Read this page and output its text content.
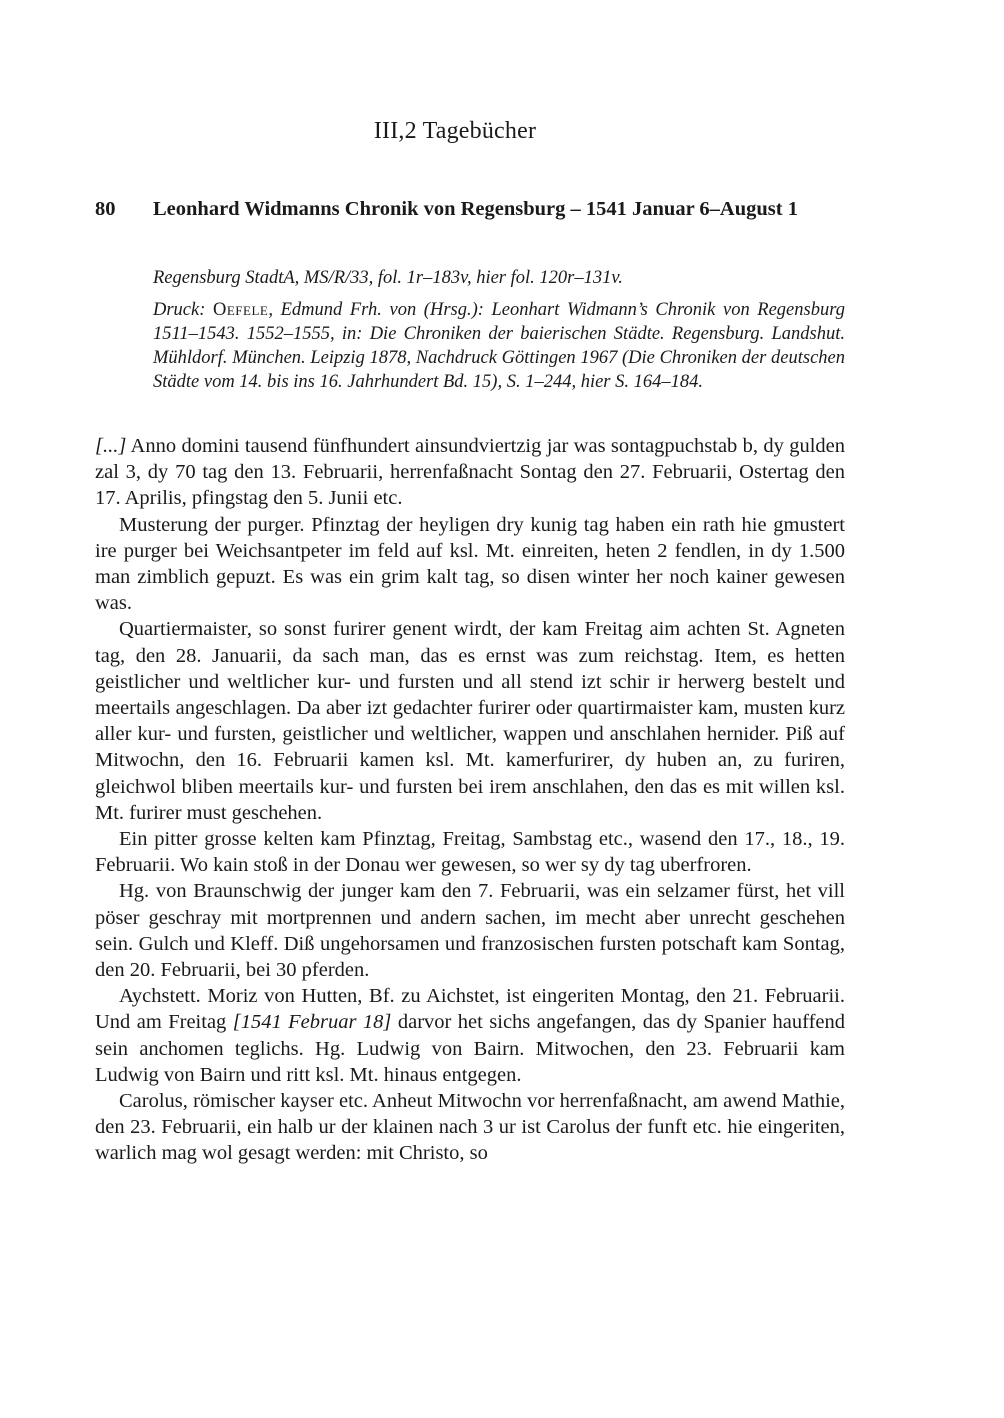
III,2 Tagebücher
80 Leonhard Widmanns Chronik von Regensburg – 1541 Januar 6–August 1
Regensburg StadtA, MS/R/33, fol. 1r–183v, hier fol. 120r–131v.
Druck: Oefele, Edmund Frh. von (Hrsg.): Leonhart Widmann’s Chronik von Regensburg 1511–1543. 1552–1555, in: Die Chroniken der baierischen Städte. Regensburg. Landshut. Mühldorf. München. Leipzig 1878, Nachdruck Göttingen 1967 (Die Chroniken der deutschen Städte vom 14. bis ins 16. Jahrhundert Bd. 15), S. 1–244, hier S. 164–184.

[...] Anno domini tausend fünfhundert ainsundviertzig jar was sontagpuchstab b, dy gulden zal 3, dy 70 tag den 13. Februarii, herrenfaßnacht Sontag den 27. Februarii, Ostertag den 17. Aprilis, pfingstag den 5. Junii etc.

Musterung der purger. Pfinztag der heyligen dry kunig tag haben ein rath hie gmustert ire purger bei Weichsantpeter im feld auf ksl. Mt. einreiten, heten 2 fendlen, in dy 1.500 man zimblich gepuzt. Es was ein grim kalt tag, so disen winter her noch kainer gewesen was.

Quartiermaister, so sonst furirer genent wirdt, der kam Freitag aim achten St. Agneten tag, den 28. Januarii, da sach man, das es ernst was zum reichstag. Item, es hetten geistlicher und weltlicher kur- und fursten und all stend izt schir ir herwerg bestelt und meertails angeschlagen. Da aber izt gedachter furirer oder quartirmaister kam, musten kurz aller kur- und fursten, geistlicher und weltlicher, wappen und anschlahen hernider. Piß auf Mitwochn, den 16. Februarii kamen ksl. Mt. kamerfurirer, dy huben an, zu furiren, gleichwol bliben meertails kur- und fursten bei irem anschlahen, den das es mit willen ksl. Mt. furirer must geschehen.

Ein pitter grosse kelten kam Pfinztag, Freitag, Sambstag etc., wasend den 17., 18., 19. Februarii. Wo kain stoß in der Donau wer gewesen, so wer sy dy tag uberfroren.

Hg. von Braunschwig der junger kam den 7. Februarii, was ein selzamer fürst, het vill pöser geschray mit mortprennen und andern sachen, im mecht aber unrecht geschehen sein. Gulch und Kleff. Diß ungehorsamen und franzosischen fursten potschaft kam Sontag, den 20. Februarii, bei 30 pferden.

Aychstett. Moriz von Hutten, Bf. zu Aichstet, ist eingeriten Montag, den 21. Februarii. Und am Freitag [1541 Februar 18] darvor het sichs angefangen, das dy Spanier hauffend sein anchomen teglichs. Hg. Ludwig von Bairn. Mitwochen, den 23. Februarii kam Ludwig von Bairn und ritt ksl. Mt. hinaus entgegen.

Carolus, römischer kayser etc. Anheut Mitwochn vor herrenfaßnacht, am awend Mathie, den 23. Februarii, ein halb ur der klainen nach 3 ur ist Carolus der funft etc. hie eingeriten, warlich mag wol gesagt werden: mit Christo, so
